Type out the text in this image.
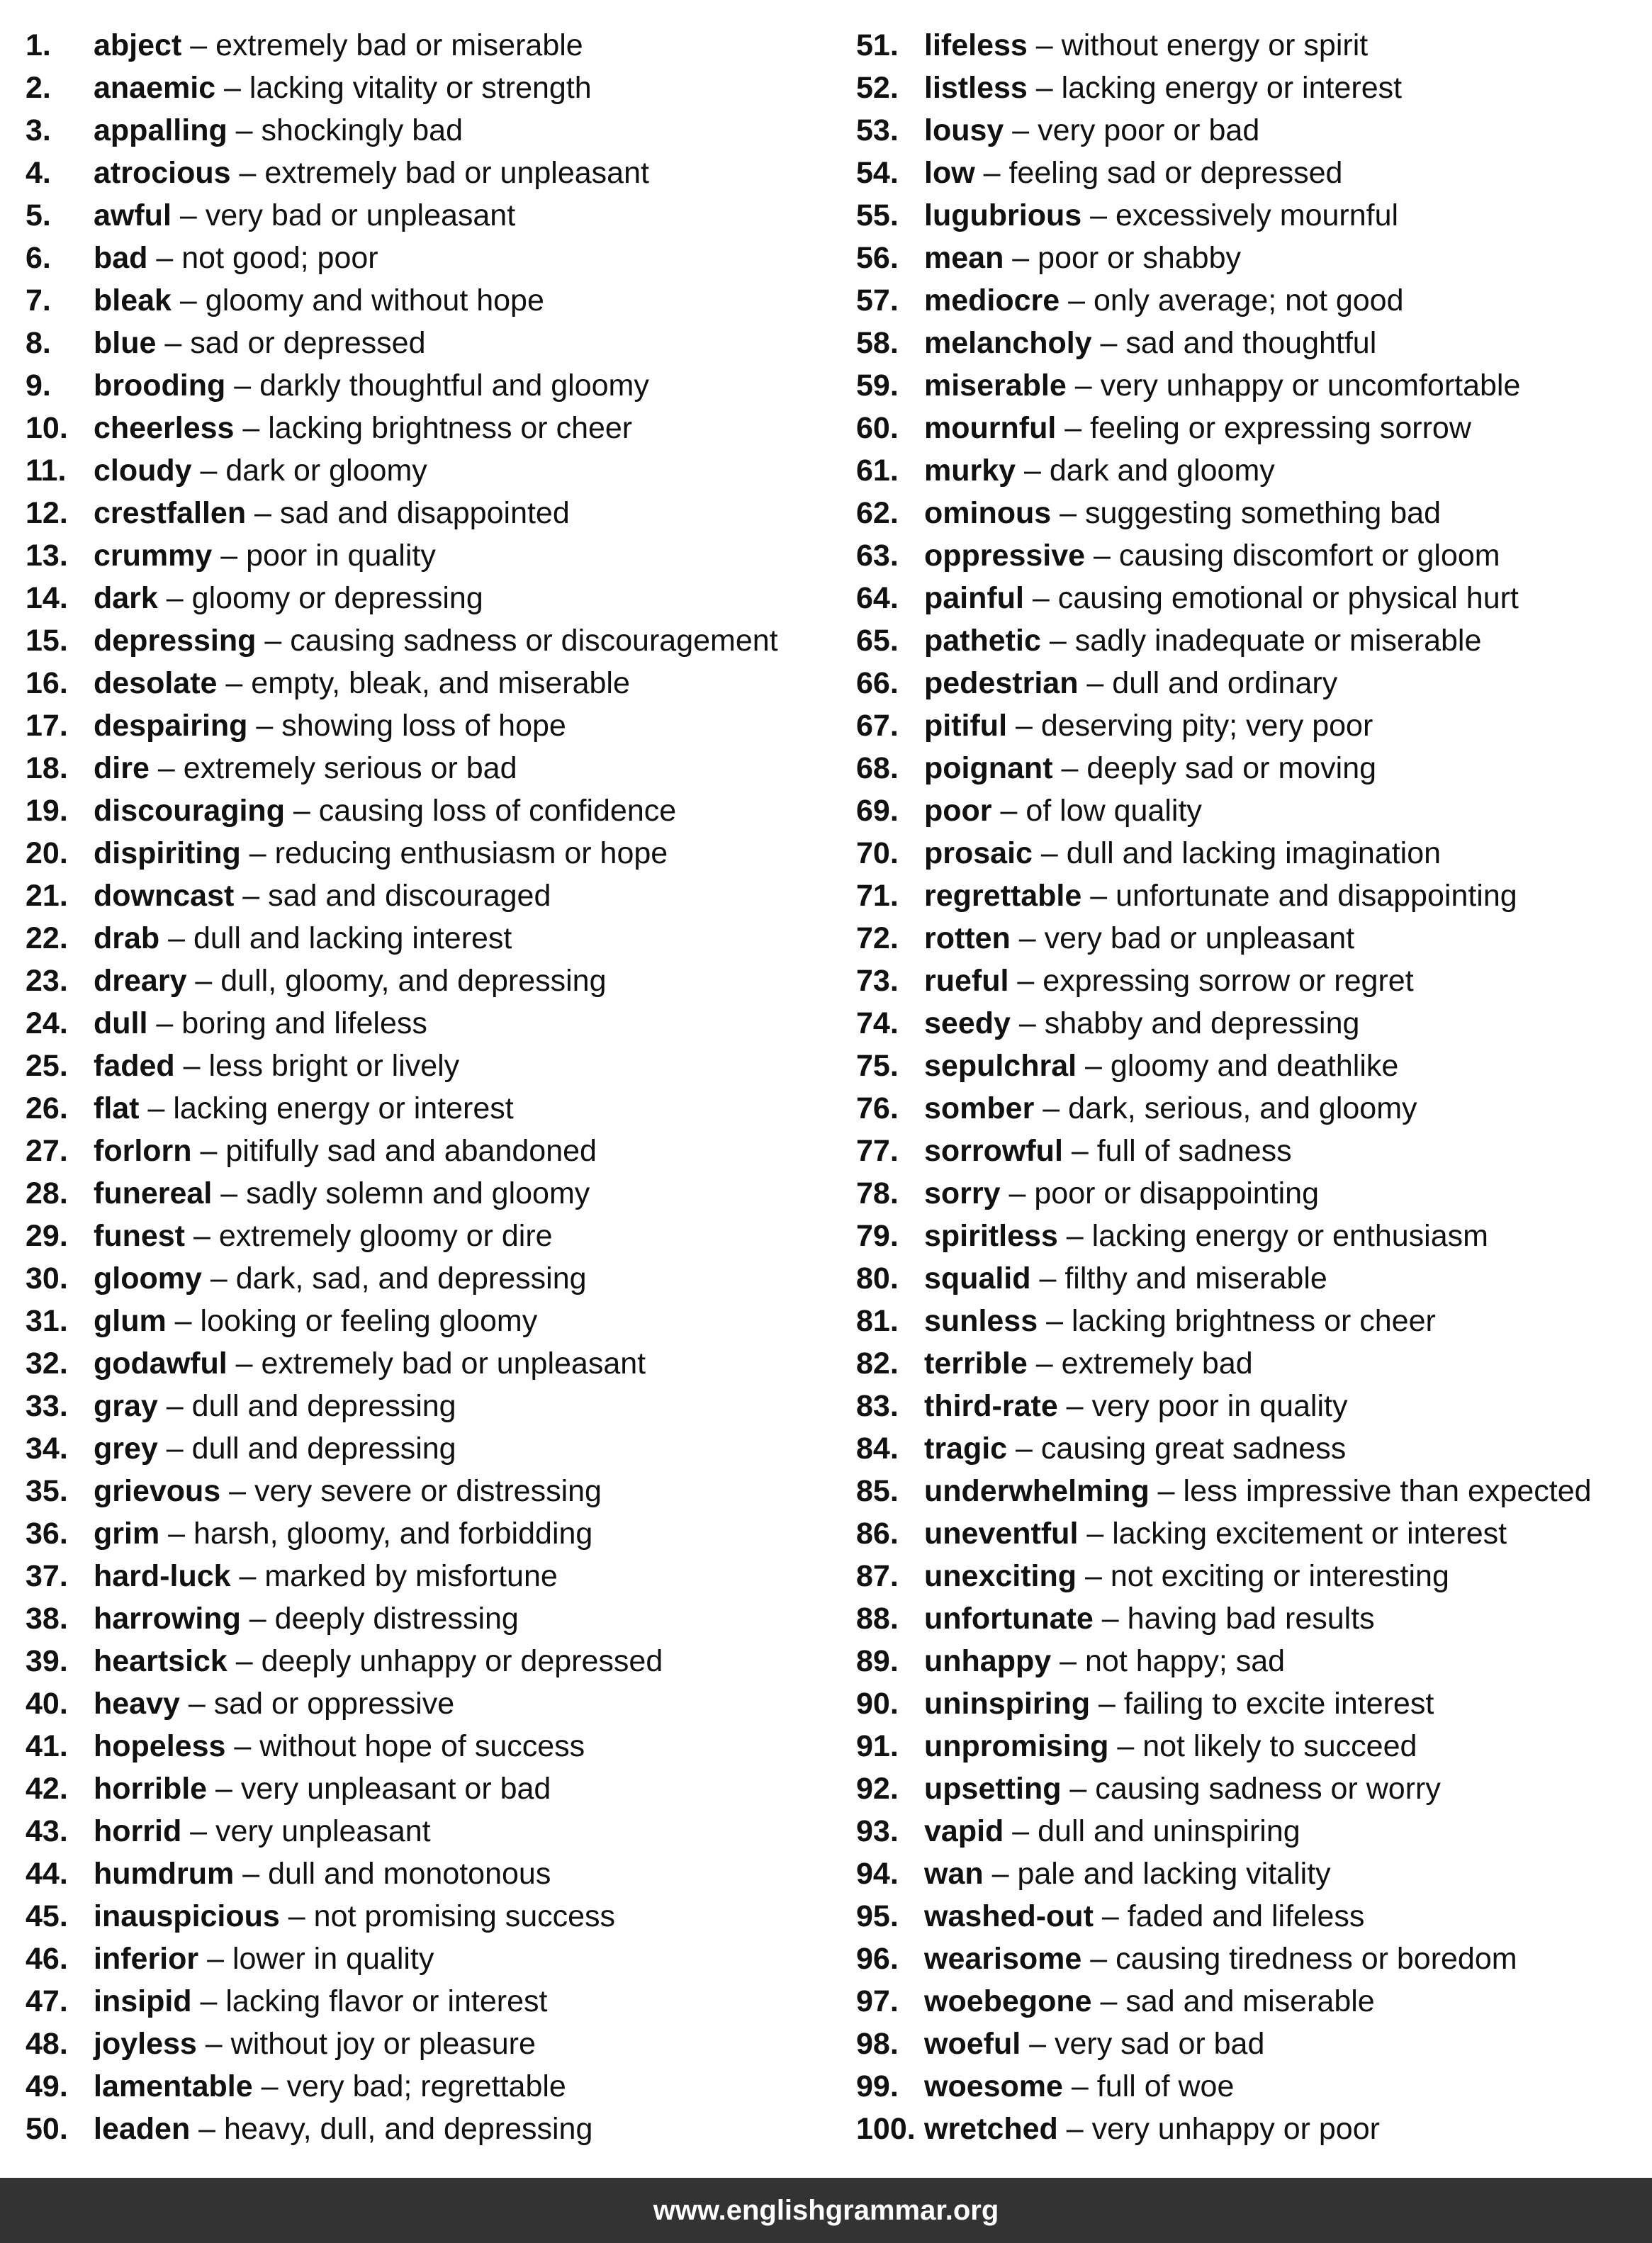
1.	abject – extremely bad or miserable
2.	anaemic – lacking vitality or strength
3.	appalling – shockingly bad
4.	atrocious – extremely bad or unpleasant
5.	awful – very bad or unpleasant
6.	bad – not good; poor
7.	bleak – gloomy and without hope
8.	blue – sad or depressed
9.	brooding – darkly thoughtful and gloomy
10. cheerless – lacking brightness or cheer
11. cloudy – dark or gloomy
12. crestfallen – sad and disappointed
13. crummy – poor in quality
14. dark – gloomy or depressing
15. depressing – causing sadness or discouragement
16. desolate – empty, bleak, and miserable
17. despairing – showing loss of hope
18. dire – extremely serious or bad
19. discouraging – causing loss of confidence
20. dispiriting – reducing enthusiasm or hope
21. downcast – sad and discouraged
22. drab – dull and lacking interest
23. dreary – dull, gloomy, and depressing
24. dull – boring and lifeless
25. faded – less bright or lively
26. flat – lacking energy or interest
27. forlorn – pitifully sad and abandoned
28. funereal – sadly solemn and gloomy
29. funest – extremely gloomy or dire
30. gloomy – dark, sad, and depressing
31. glum – looking or feeling gloomy
32. godawful – extremely bad or unpleasant
33. gray – dull and depressing
34. grey – dull and depressing
35. grievous – very severe or distressing
36. grim – harsh, gloomy, and forbidding
37. hard-luck – marked by misfortune
38. harrowing – deeply distressing
39. heartsick – deeply unhappy or depressed
40. heavy – sad or oppressive
41. hopeless – without hope of success
42. horrible – very unpleasant or bad
43. horrid – very unpleasant
44. humdrum – dull and monotonous
45. inauspicious – not promising success
46. inferior – lower in quality
47. insipid – lacking flavor or interest
48. joyless – without joy or pleasure
49. lamentable – very bad; regrettable
50. leaden – heavy, dull, and depressing
51. lifeless – without energy or spirit
52. listless – lacking energy or interest
53. lousy – very poor or bad
54. low – feeling sad or depressed
55. lugubrious – excessively mournful
56. mean – poor or shabby
57. mediocre – only average; not good
58. melancholy – sad and thoughtful
59. miserable – very unhappy or uncomfortable
60. mournful – feeling or expressing sorrow
61. murky – dark and gloomy
62. ominous – suggesting something bad
63. oppressive – causing discomfort or gloom
64. painful – causing emotional or physical hurt
65. pathetic – sadly inadequate or miserable
66. pedestrian – dull and ordinary
67. pitiful – deserving pity; very poor
68. poignant – deeply sad or moving
69. poor – of low quality
70. prosaic – dull and lacking imagination
71. regrettable – unfortunate and disappointing
72. rotten – very bad or unpleasant
73. rueful – expressing sorrow or regret
74. seedy – shabby and depressing
75. sepulchral – gloomy and deathlike
76. somber – dark, serious, and gloomy
77. sorrowful – full of sadness
78. sorry – poor or disappointing
79. spiritless – lacking energy or enthusiasm
80. squalid – filthy and miserable
81. sunless – lacking brightness or cheer
82. terrible – extremely bad
83. third-rate – very poor in quality
84. tragic – causing great sadness
85. underwhelming – less impressive than expected
86. uneventful – lacking excitement or interest
87. unexciting – not exciting or interesting
88. unfortunate – having bad results
89. unhappy – not happy; sad
90. uninspiring – failing to excite interest
91. unpromising – not likely to succeed
92. upsetting – causing sadness or worry
93. vapid – dull and uninspiring
94. wan – pale and lacking vitality
95. washed-out – faded and lifeless
96. wearisome – causing tiredness or boredom
97. woebegone – sad and miserable
98. woeful – very sad or bad
99. woesome – full of woe
100. wretched – very unhappy or poor
www.englishgrammar.org
